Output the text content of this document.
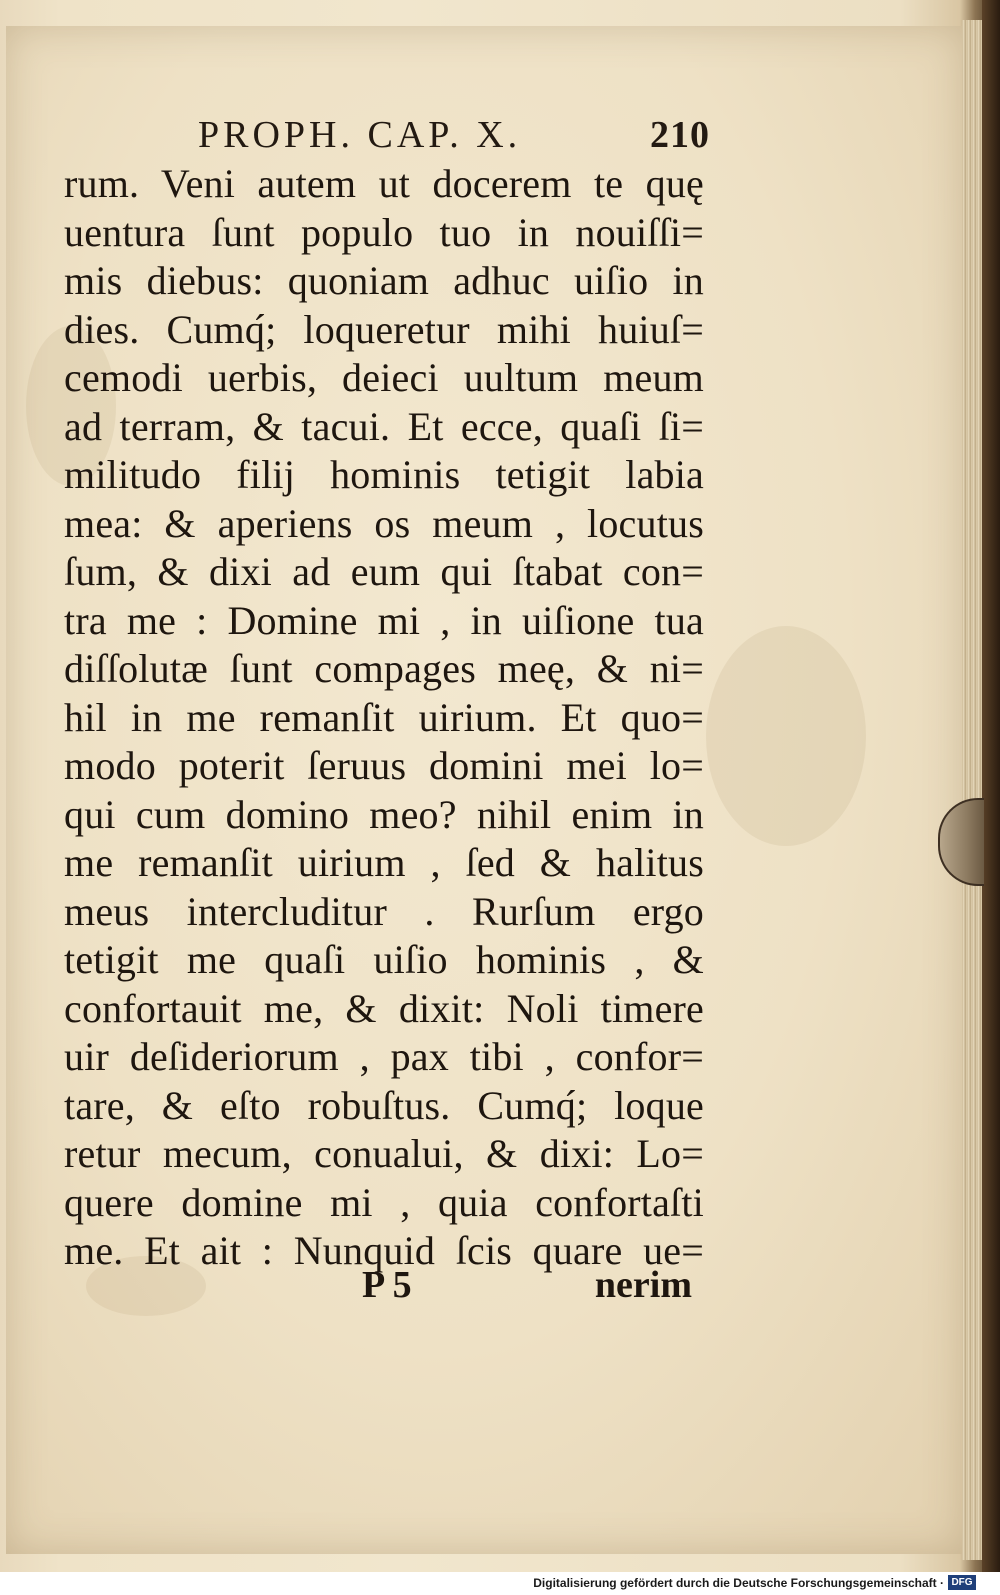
PROPH. CAP. X.	210
rum. Veni autem ut docerem te quę
uentura ſunt populo tuo in nouiſſi=
mis diebus: quoniam adhuc uiſio in
dies. Cumq́; loqueretur mihi huiuſ=
cemodi uerbis, deieci uultum meum
ad terram, & tacui. Et ecce, quaſi ſi=
militudo filij hominis tetigit labia
mea: & aperiens os meum , locutus
ſum, & dixi ad eum qui ſtabat con=
tra me : Domine mi , in uiſione tua
diſſolutæ ſunt compages meę, & ni=
hil in me remanſit uirium. Et quo=
modo poterit ſeruus domini mei lo=
qui cum domino meo? nihil enim in
me remanſit uirium , ſed & halitus
meus intercluditur . Rurſum ergo
tetigit me quaſi uiſio hominis , &
confortauit me, & dixit: Noli timere
uir deſideriorum , pax tibi , confor=
tare, & eſto robuſtus. Cumq́; loque
retur mecum, conualui, & dixi: Lo=
quere domine mi , quia confortaſti
me. Et ait : Nunquid ſcis quare ue=
P 5	nerim
Digitalisierung gefördert durch die Deutsche Forschungsgemeinschaft · DFG
